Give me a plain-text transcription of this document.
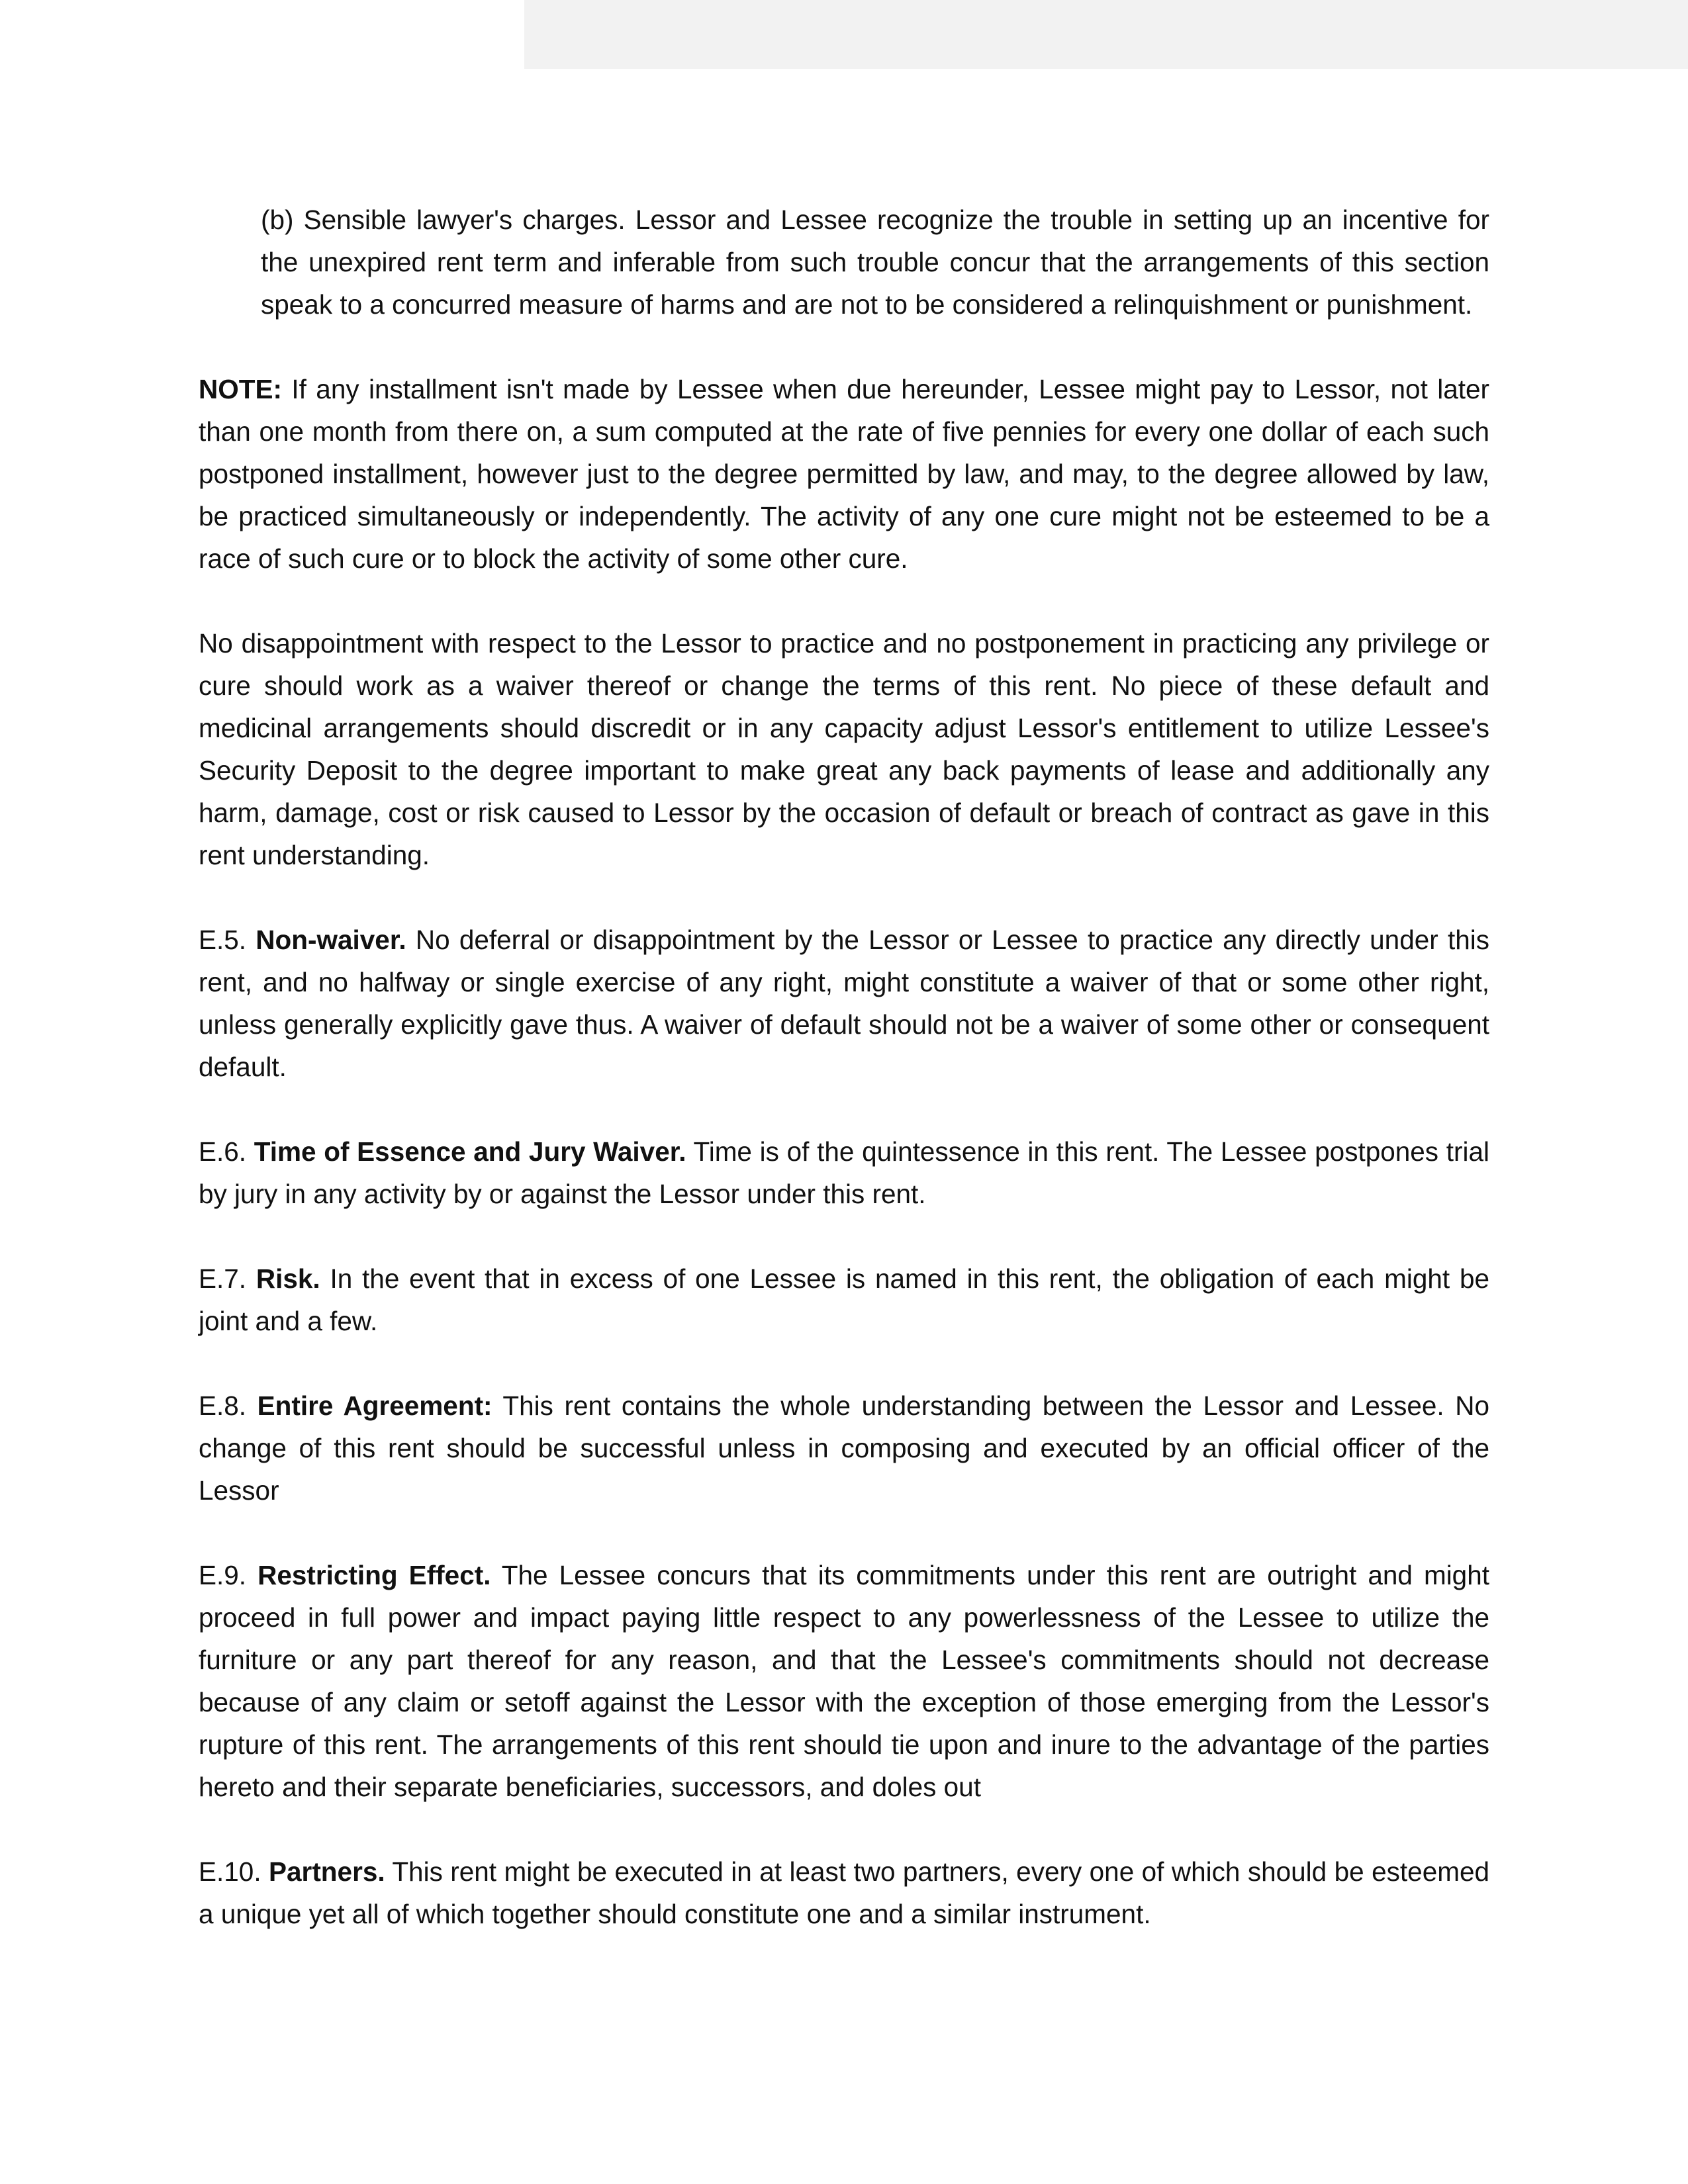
(b) Sensible lawyer's charges. Lessor and Lessee recognize the trouble in setting up an incentive for the unexpired rent term and inferable from such trouble concur that the arrangements of this section speak to a concurred measure of harms and are not to be considered a relinquishment or punishment.

NOTE: If any installment isn't made by Lessee when due hereunder, Lessee might pay to Lessor, not later than one month from there on, a sum computed at the rate of five pennies for every one dollar of each such postponed installment, however just to the degree permitted by law, and may, to the degree allowed by law, be practiced simultaneously or independently. The activity of any one cure might not be esteemed to be a race of such cure or to block the activity of some other cure.

No disappointment with respect to the Lessor to practice and no postponement in practicing any privilege or cure should work as a waiver thereof or change the terms of this rent. No piece of these default and medicinal arrangements should discredit or in any capacity adjust Lessor's entitlement to utilize Lessee's Security Deposit to the degree important to make great any back payments of lease and additionally any harm, damage, cost or risk caused to Lessor by the occasion of default or breach of contract as gave in this rent understanding.

E.5. Non-waiver. No deferral or disappointment by the Lessor or Lessee to practice any directly under this rent, and no halfway or single exercise of any right, might constitute a waiver of that or some other right, unless generally explicitly gave thus. A waiver of default should not be a waiver of some other or consequent default.

E.6. Time of Essence and Jury Waiver. Time is of the quintessence in this rent. The Lessee postpones trial by jury in any activity by or against the Lessor under this rent.

E.7. Risk. In the event that in excess of one Lessee is named in this rent, the obligation of each might be joint and a few.

E.8. Entire Agreement: This rent contains the whole understanding between the Lessor and Lessee. No change of this rent should be successful unless in composing and executed by an official officer of the Lessor

E.9. Restricting Effect. The Lessee concurs that its commitments under this rent are outright and might proceed in full power and impact paying little respect to any powerlessness of the Lessee to utilize the furniture or any part thereof for any reason, and that the Lessee's commitments should not decrease because of any claim or setoff against the Lessor with the exception of those emerging from the Lessor's rupture of this rent. The arrangements of this rent should tie upon and inure to the advantage of the parties hereto and their separate beneficiaries, successors, and doles out

E.10. Partners. This rent might be executed in at least two partners, every one of which should be esteemed a unique yet all of which together should constitute one and a similar instrument.
